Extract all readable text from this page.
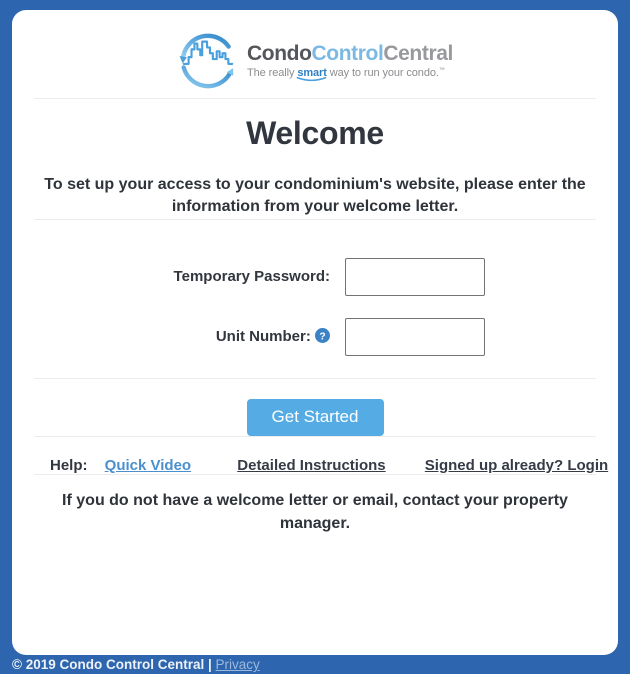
CondoControlCentral
The really smart
way to run your condo.™
Welcome

To set up your access to your condominium's website, please enter the information from your welcome letter.

Temporary Password:
Unit Number: ?
Get Started
Help: Quick Video	Detailed Instructions	Signed up already? Login

If you do not have a welcome letter or email, contact your property manager.

© 2019 Condo Control Central | Privacy
